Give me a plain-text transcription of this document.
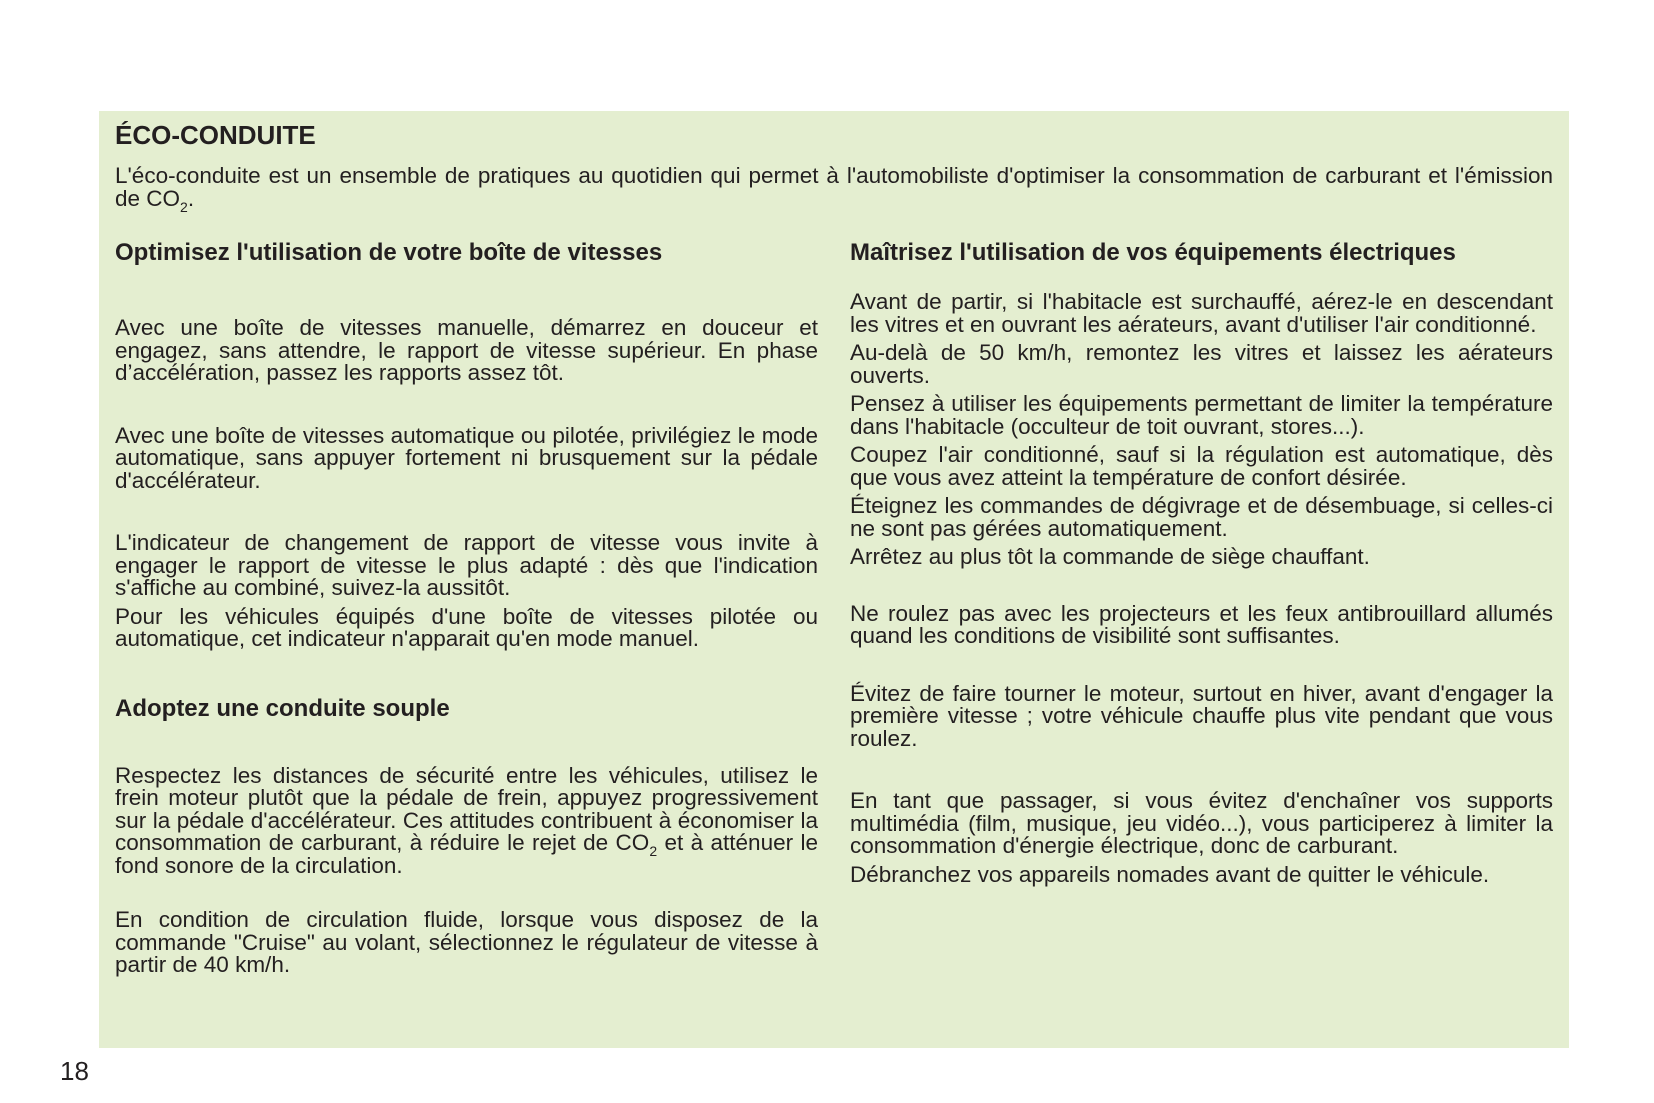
ÉCO-CONDUITE

L'éco-conduite est un ensemble de pratiques au quotidien qui permet à l'automobiliste d'optimiser la consommation de carburant et l'émission de $CO_2$.

Optimisez l'utilisation de votre boîte de vitesses

Avec une boîte de vitesses manuelle, démarrez en douceur et engagez, sans attendre, le rapport de vitesse supérieur. En phase d’accélération, passez les rapports assez tôt.

Avec une boîte de vitesses automatique ou pilotée, privilégiez le mode automatique, sans appuyer fortement ni brusquement sur la pédale d'accélérateur.

L'indicateur de changement de rapport de vitesse vous invite à engager le rapport de vitesse le plus adapté : dès que l'indication s'affiche au combiné, suivez-la aussitôt.

Pour les véhicules équipés d'une boîte de vitesses pilotée ou automatique, cet indicateur n'apparait qu'en mode manuel.

Adoptez une conduite souple

Respectez les distances de sécurité entre les véhicules, utilisez le frein moteur plutôt que la pédale de frein, appuyez progressivement sur la pédale d'accélérateur. Ces attitudes contribuent à économiser la consommation de carburant, à réduire le rejet de $CO_2$ et à atténuer le fond sonore de la circulation.

En condition de circulation fluide, lorsque vous disposez de la commande "Cruise" au volant, sélectionnez le régulateur de vitesse à partir de 40 km/h.

Maîtrisez l'utilisation de vos équipements électriques

Avant de partir, si l'habitacle est surchauffé, aérez-le en descendant les vitres et en ouvrant les aérateurs, avant d'utiliser l'air conditionné.

Au-delà de 50 km/h, remontez les vitres et laissez les aérateurs ouverts.

Pensez à utiliser les équipements permettant de limiter la température dans l'habitacle (occulteur de toit ouvrant, stores...).

Coupez l'air conditionné, sauf si la régulation est automatique, dès que vous avez atteint la température de confort désirée.

Éteignez les commandes de dégivrage et de désembuage, si celles-ci ne sont pas gérées automatiquement.

Arrêtez au plus tôt la commande de siège chauffant.

Ne roulez pas avec les projecteurs et les feux antibrouillard allumés quand les conditions de visibilité sont suffisantes.

Évitez de faire tourner le moteur, surtout en hiver, avant d'engager la première vitesse ; votre véhicule chauffe plus vite pendant que vous roulez.

En tant que passager, si vous évitez d'enchaîner vos supports multimédia (film, musique, jeu vidéo...), vous participerez à limiter la consommation d'énergie électrique, donc de carburant.

Débranchez vos appareils nomades avant de quitter le véhicule.

18
